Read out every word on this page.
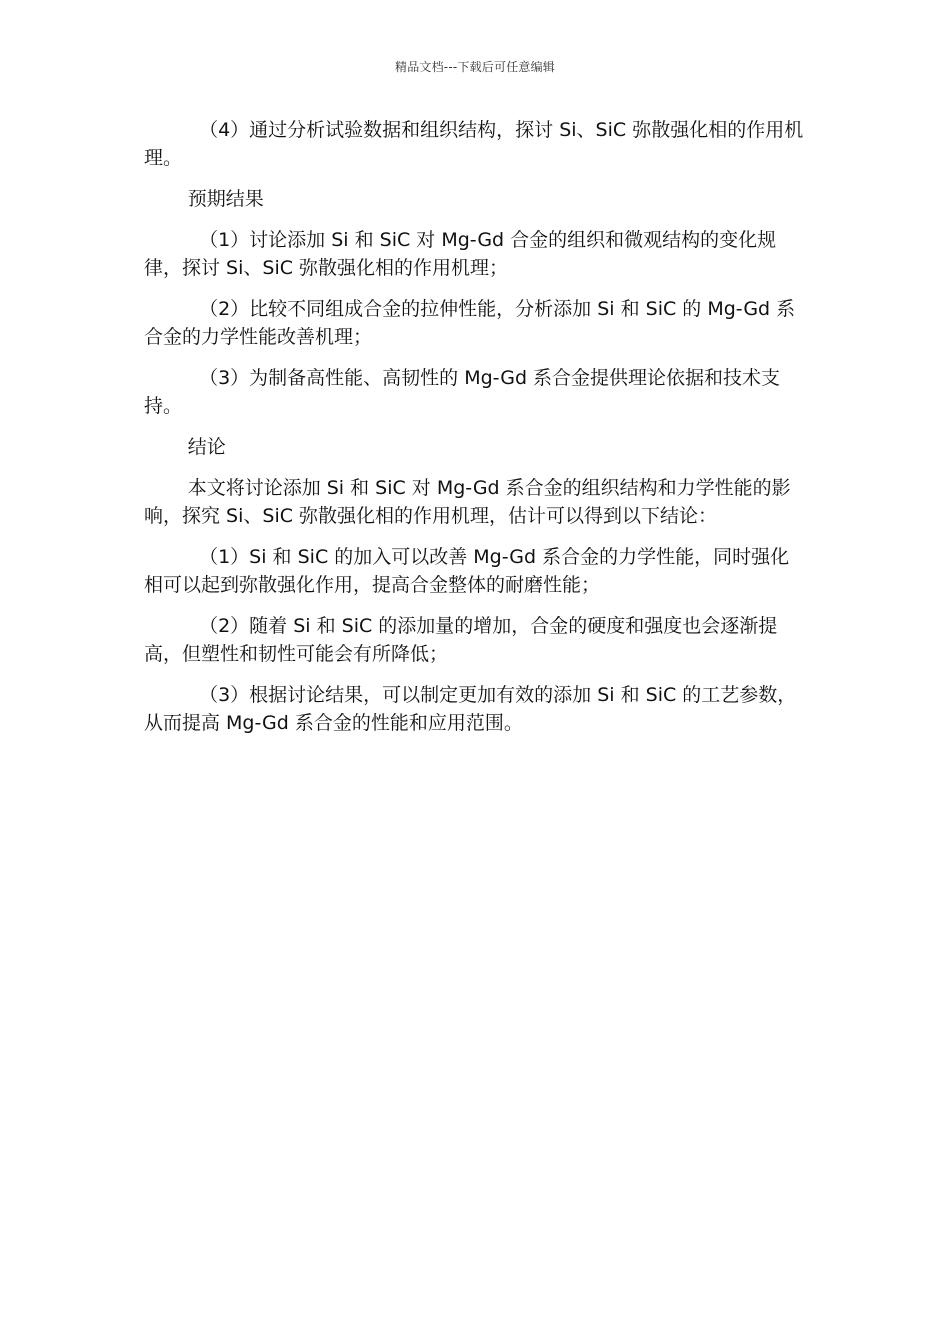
精品文档---下载后可任意编辑

（4）通过分析试验数据和组织结构，探讨 Si、SiC 弥散强化相的作用机理。

预期结果

（1）讨论添加 Si 和 SiC 对 Mg-Gd 合金的组织和微观结构的变化规律，探讨 Si、SiC 弥散强化相的作用机理；

（2）比较不同组成合金的拉伸性能，分析添加 Si 和 SiC 的 Mg-Gd 系合金的力学性能改善机理；

（3）为制备高性能、高韧性的 Mg-Gd 系合金提供理论依据和技术支持。

结论

本文将讨论添加 Si 和 SiC 对 Mg-Gd 系合金的组织结构和力学性能的影响，探究 Si、SiC 弥散强化相的作用机理，估计可以得到以下结论：

（1）Si 和 SiC 的加入可以改善 Mg-Gd 系合金的力学性能，同时强化相可以起到弥散强化作用，提高合金整体的耐磨性能；

（2）随着 Si 和 SiC 的添加量的增加，合金的硬度和强度也会逐渐提高，但塑性和韧性可能会有所降低；

（3）根据讨论结果，可以制定更加有效的添加 Si 和 SiC 的工艺参数，从而提高 Mg-Gd 系合金的性能和应用范围。
